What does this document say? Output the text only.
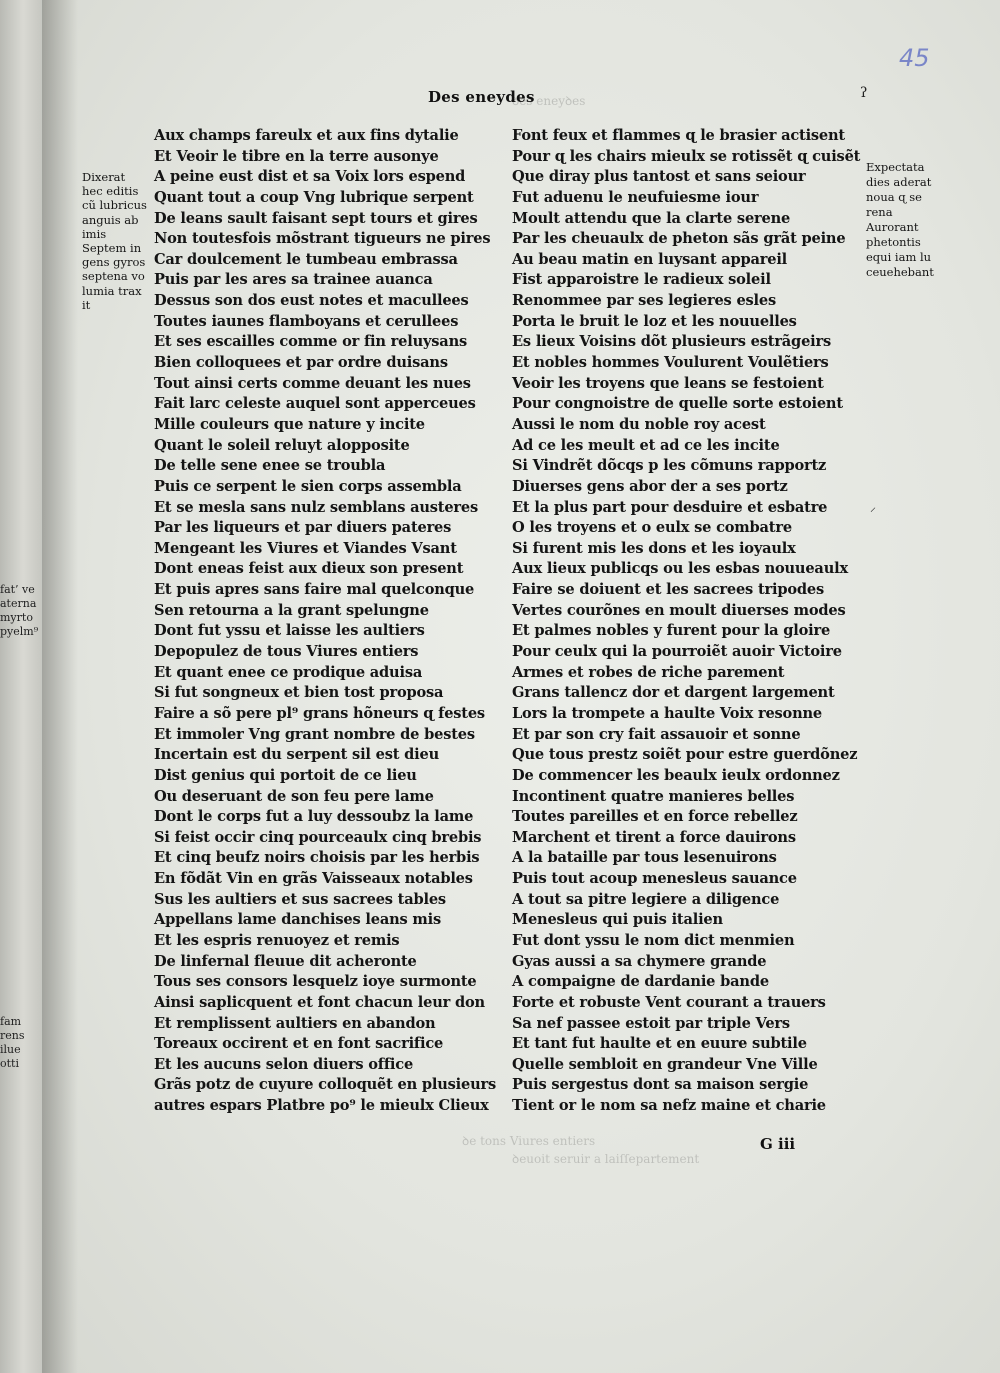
fat’ ve
aterna
myrto
pyelm⁹
fam
rens
ilue
otti
ꝺes eneyꝺes
ꝺe tons Viures entiers
ꝺeuoit seruir a laiſſepartement
45
Des eneydes	ʔ
Dixerat
hec editis
cũ lubricus
anguis ab
imis
Septem in
gens gyros
septena vo
lumia trax
it
Aux champs fareulx et aux fins dytalie
Et Veoir le tibre en la terre ausonye
A peine eust dist et sa Voix lors espend
Quant tout a coup Vng lubrique serpent
De leans sault faisant sept tours et gires
Non toutesfois mõstrant tigueurs ne pires
Car doulcement le tumbeau embrassa
Puis par les ares sa trainee auanca
Dessus son dos eust notes et macullees
Toutes iaunes flamboyans et cerullees
Et ses escailles comme or fin reluysans
Bien colloquees et par ordre duisans
Tout ainsi certs comme deuant les nues
Fait larc celeste auquel sont apperceues
Mille couleurs que nature y incite
Quant le soleil reluyt alopposite
De telle sene enee se troubla
Puis ce serpent le sien corps assembla
Et se mesla sans nulz semblans austeres
Par les liqueurs et par diuers pateres
Mengeant les Viures et Viandes Vsant
Dont eneas feist aux dieux son present
Et puis apres sans faire mal quelconque
Sen retourna a la grant spelungne
Dont fut yssu et laisse les aultiers
Depopulez de tous Viures entiers
Et quant enee ce prodique aduisa
Si fut songneux et bien tost proposa
Faire a sõ pere pl⁹ grans hõneurs ɋ festes
Et immoler Vng grant nombre de bestes
Incertain est du serpent sil est dieu
Dist genius qui portoit de ce lieu
Ou deseruant de son feu pere lame
Dont le corps fut a luy dessoubz la lame
Si feist occir cinq pourceaulx cinq brebis
Et cinq beufz noirs choisis par les herbis
En fõdãt Vin en grãs Vaisseaux notables
Sus les aultiers et sus sacrees tables
Appellans lame danchises leans mis
Et les espris renuoyez et remis
De linfernal fleuue dit acheronte
Tous ses consors lesquelz ioye surmonte
Ainsi saplicquent et font chacun leur don
Et remplissent aultiers en abandon
Toreaux occirent et en font sacrifice
Et les aucuns selon diuers office
Grãs potz de cuyure colloquẽt en plusieurs
autres espars Platbre po⁹ le mieulx Clieux
Font feux et flammes ɋ le brasier actisent
Pour ɋ les chairs mieulx se rotissẽt ɋ cuisẽt
Que diray plus tantost et sans seiour
Fut aduenu le neufuiesme iour
Moult attendu que la clarte serene
Par les cheuaulx de pheton sãs grãt peine
Au beau matin en luysant appareil
Fist apparoistre le radieux soleil
Renommee par ses legieres esles
Porta le bruit le loz et les nouuelles
Es lieux Voisins dõt plusieurs estrãgeirs
Et nobles hommes Voulurent Voulẽtiers
Veoir les troyens que leans se festoient
Pour congnoistre de quelle sorte estoient
Aussi le nom du noble roy acest
Ad ce les meult et ad ce les incite
Si Vindrẽt dõcqs p les cõmuns rapportz
Diuerses gens abor der a ses portz
Et la plus part pour desduire et esbatre
O les troyens et o eulx se combatre
Si furent mis les dons et les ioyaulx
Aux lieux publicqs ou les esbas nouueaulx
Faire se doiuent et les sacrees tripodes
Vertes courõnes en moult diuerses modes
Et palmes nobles y furent pour la gloire
Pour ceulx qui la pourroiẽt auoir Victoire
Armes et robes de riche parement
Grans tallencz dor et dargent largement
Lors la trompete a haulte Voix resonne
Et par son cry fait assauoir et sonne
Que tous prestz soiẽt pour estre guerdõnez
De commencer les beaulx ieulx ordonnez
Incontinent quatre manieres belles
Toutes pareilles et en force rebellez
Marchent et tirent a force dauirons
A la bataille par tous lesenuirons
Puis tout acoup menesleus sauance
A tout sa pitre legiere a diligence
Menesleus qui puis italien
Fut dont yssu le nom dict menmien
Gyas aussi a sa chymere grande
A compaigne de dardanie bande
Forte et robuste Vent courant a trauers
Sa nef passee estoit par triple Vers
Et tant fut haulte et en euure subtile
Quelle sembloit en grandeur Vne Ville
Puis sergestus dont sa maison sergie
Tient or le nom sa nefz maine et charie
⸝
Expectata
dies aderat
noua ɋ se
rena
Aurorant
phetontis
equi iam lu
ceuehebant
G iii
